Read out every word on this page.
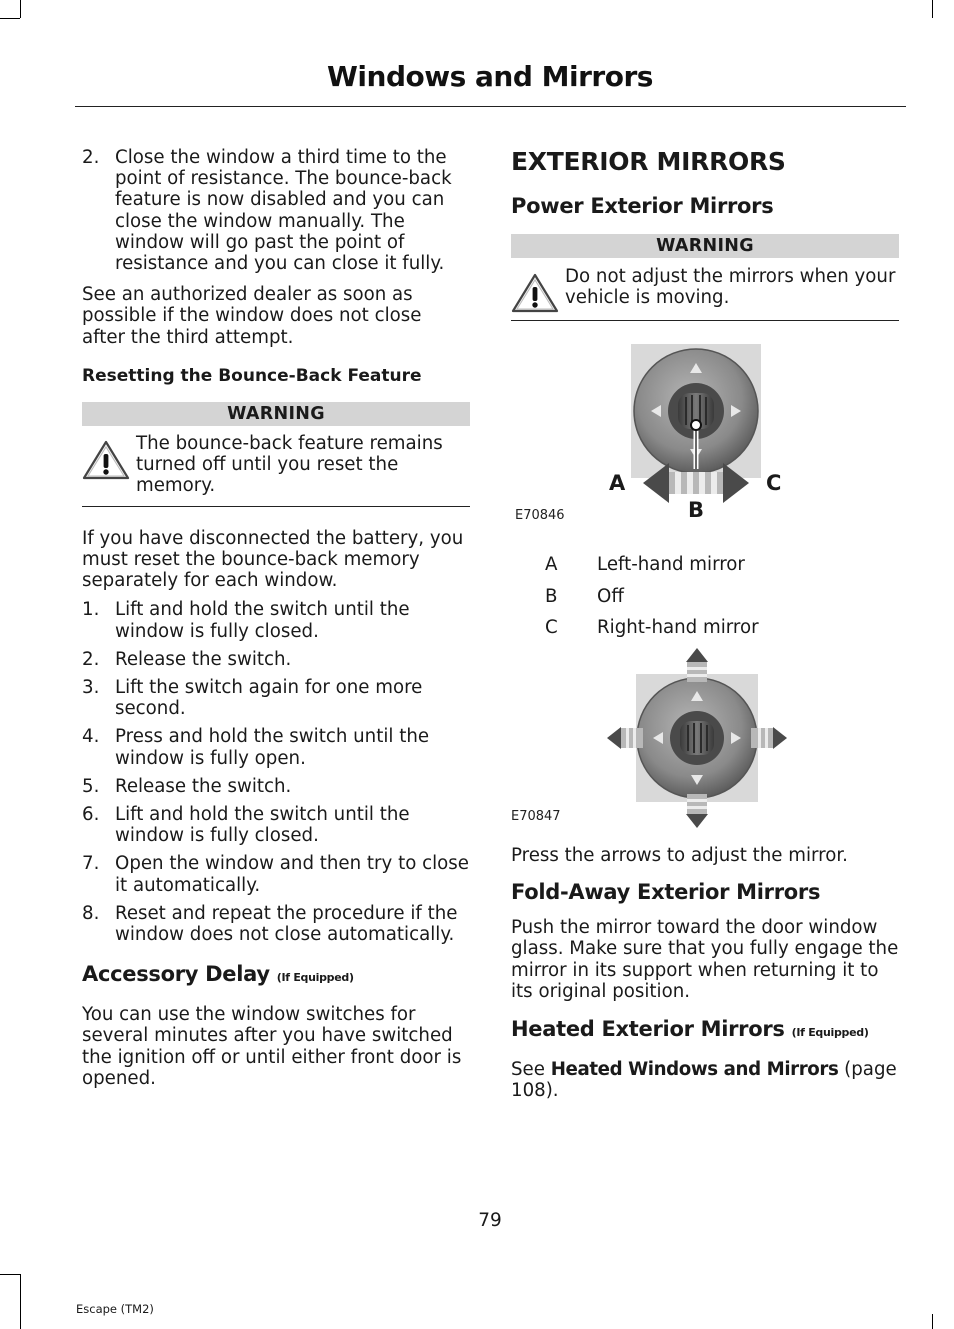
Windows and Mirrors
2. Close the window a third time to the point of resistance. The bounce-back feature is now disabled and you can close the window manually. The window will go past the point of resistance and you can close it fully.

See an authorized dealer as soon as possible if the window does not close after the third attempt.

Resetting the Bounce-Back Feature
WARNING
The bounce-back feature remains turned off until you reset the memory.

If you have disconnected the battery, you must reset the bounce-back memory separately for each window.

1. Lift and hold the switch until the window is fully closed.
2. Release the switch.
3. Lift the switch again for one more second.
4. Press and hold the switch until the window is fully open.
5. Release the switch.
6. Lift and hold the switch until the window is fully closed.
7. Open the window and then try to close it automatically.
8. Reset and repeat the procedure if the window does not close automatically.
Accessory Delay (If Equipped)

You can use the window switches for several minutes after you have switched the ignition off or until either front door is opened.

EXTERIOR MIRRORS
Power Exterior Mirrors
WARNING
Do not adjust the mirrors when your vehicle is moving.
A	C
B
E70846
A	Left-hand mirror
B	Off
C	Right-hand mirror
E70847

Press the arrows to adjust the mirror.

Fold-Away Exterior Mirrors

Push the mirror toward the door window glass. Make sure that you fully engage the mirror in its support when returning it to its original position.

Heated Exterior Mirrors (If Equipped)

See Heated Windows and Mirrors (page 108).

79
Escape (TM2)
